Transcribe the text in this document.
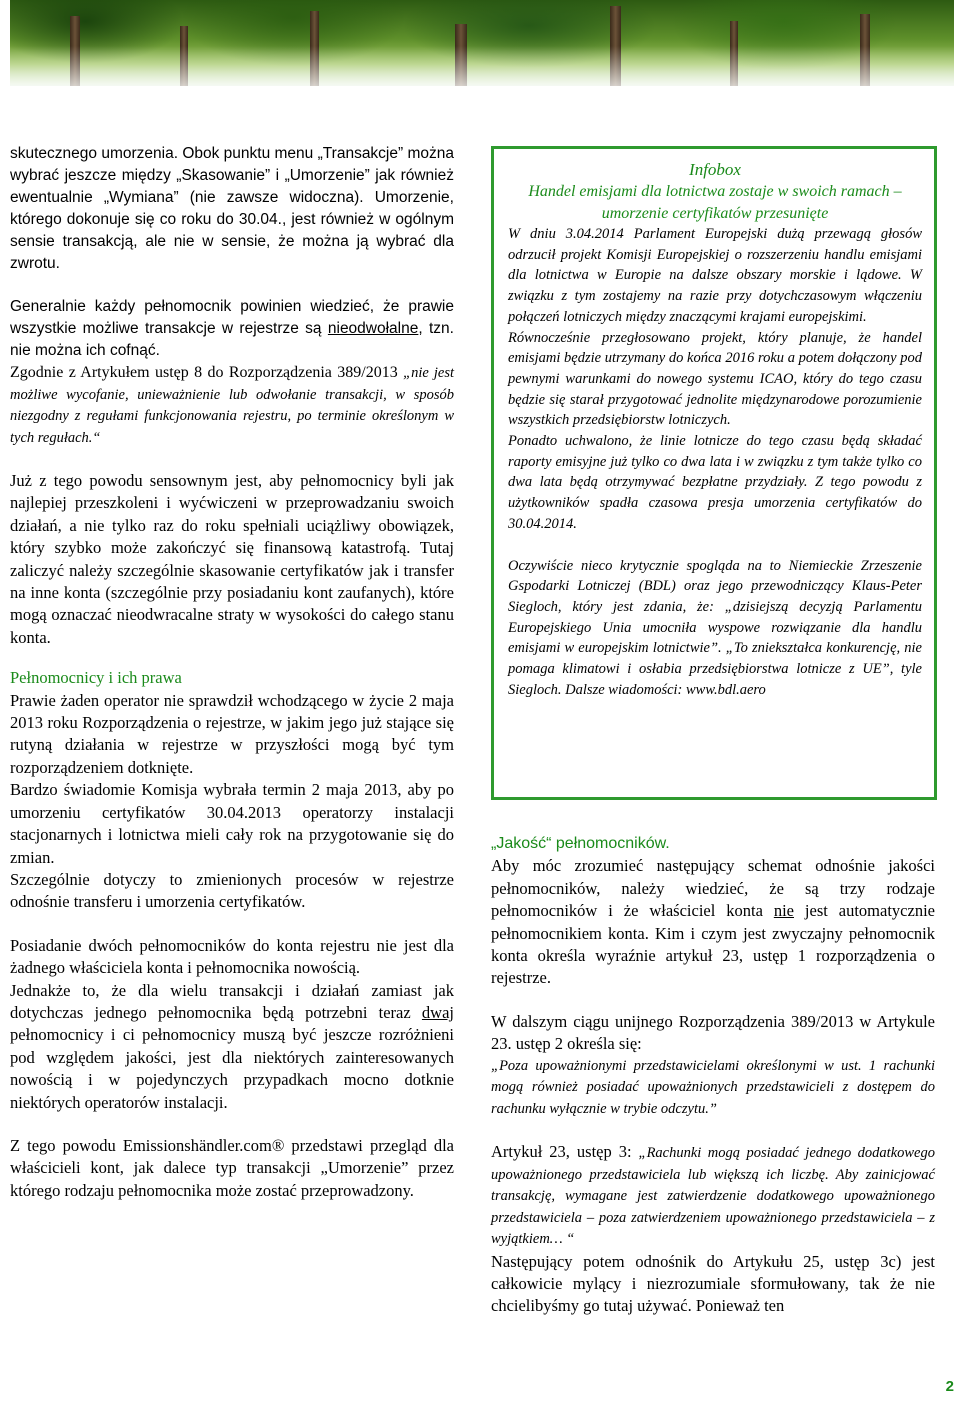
skutecznego umorzenia. Obok punktu menu „Transakcje” można wybrać jeszcze między „Skasowanie” i „Umorzenie” jak również ewentualnie „Wymiana” (nie zawsze widoczna). Umorzenie, którego dokonuje się co roku do 30.04., jest również w ogólnym sensie transakcją, ale nie w sensie, że można ją wybrać dla zwrotu.

Generalnie każdy pełnomocnik powinien wiedzieć, że prawie wszystkie możliwe transakcje w rejestrze są nieodwołalne, tzn. nie można ich cofnąć.

Zgodnie z Artykułem ustęp 8 do Rozporządzenia 389/2013 „nie jest możliwe wycofanie, unieważnienie lub odwołanie transakcji, w sposób niezgodny z regułami funkcjonowania rejestru, po terminie określonym w tych regułach.“

Już z tego powodu sensownym jest, aby pełnomocnicy byli jak najlepiej przeszkoleni i wyćwiczeni w przeprowadzaniu swoich działań, a nie tylko raz do roku spełniali uciążliwy obowiązek, który szybko może zakończyć się finansową katastrofą. Tutaj zaliczyć należy szczególnie skasowanie certyfikatów jak i transfer na inne konta (szczególnie przy posiadaniu kont zaufanych), które mogą oznaczać nieodwracalne straty w wysokości do całego stanu konta.

Pełnomocnicy i ich prawa

Prawie żaden operator nie sprawdził wchodzącego w życie 2 maja 2013 roku Rozporządzenia o rejestrze, w jakim jego już stające się rutyną działania w rejestrze w przyszłości mogą być tym rozporządzeniem dotknięte.

Bardzo świadomie Komisja wybrała termin 2 maja 2013, aby po umorzeniu certyfikatów 30.04.2013 operatorzy instalacji stacjonarnych i lotnictwa mieli cały rok na przygotowanie się do zmian.

Szczególnie dotyczy to zmienionych procesów w rejestrze odnośnie transferu i umorzenia certyfikatów.

Posiadanie dwóch pełnomocników do konta rejestru nie jest dla żadnego właściciela konta i pełnomocnika nowością.

Jednakże to, że dla wielu transakcji i działań zamiast jak dotychczas jednego pełnomocnika będą potrzebni teraz dwaj pełnomocnicy i ci pełnomocnicy muszą być jeszcze rozróżnieni pod względem jakości, jest dla niektórych zainteresowanych nowością i w pojedynczych przypadkach mocno dotknie niektórych operatorów instalacji.

Z tego powodu Emissionshändler.com® przedstawi przegląd dla właścicieli kont, jak dalece typ transakcji „Umorzenie” przez którego rodzaju pełnomocnika może zostać przeprowadzony.

Infobox

Handel emisjami dla lotnictwa zostaje w swoich ramach – umorzenie certyfikatów przesunięte

W dniu 3.04.2014 Parlament Europejski dużą przewagą głosów odrzucił projekt Komisji Europejskiej o rozszerzeniu handlu emisjami dla lotnictwa w Europie na dalsze obszary morskie i lądowe. W związku z tym zostajemy na razie przy dotychczasowym włączeniu połączeń lotniczych między znaczącymi krajami europejskimi.

Równocześnie przegłosowano projekt, który planuje, że handel emisjami będzie utrzymany do końca 2016 roku a potem dołączony pod pewnymi warunkami do nowego systemu ICAO, który do tego czasu będzie się starał przygotować jednolite międzynarodowe porozumienie wszystkich przedsiębiorstw lotniczych.

Ponadto uchwalono, że linie lotnicze do tego czasu będą składać raporty emisyjne już tylko co dwa lata i w związku z tym także tylko co dwa lata będą otrzymywać bezpłatne przydziały. Z tego powodu z użytkowników spadła czasowa presja umorzenia certyfikatów do 30.04.2014.

Oczywiście nieco krytycznie spogląda na to Niemieckie Zrzeszenie Gspodarki Lotniczej (BDL) oraz jego przewodniczący Klaus-Peter Siegloch, który jest zdania, że: „dzisiejszą decyzją Parlamentu Europejskiego Unia umocniła wyspowe rozwiązanie dla handlu emisjami w europejskim lotnictwie”. „To zniekształca konkurencję, nie pomaga klimatowi i osłabia przedsiębiorstwa lotnicze z UE”, tyle Siegloch. Dalsze wiadomości: www.bdl.aero

„Jakość“ pełnomocników.

Aby móc zrozumieć następujący schemat odnośnie jakości pełnomocników, należy wiedzieć, że są trzy rodzaje pełnomocników i że właściciel konta nie jest automatycznie pełnomocnikiem konta. Kim i czym jest zwyczajny pełnomocnik konta określa wyraźnie artykuł 23, ustęp 1 rozporządzenia o rejestrze.

W dalszym ciągu unijnego Rozporządzenia 389/2013 w Artykule 23. ustęp 2 określa się:

„Poza upoważnionymi przedstawicielami określonymi w ust. 1 rachunki mogą również posiadać upoważnionych przedstawicieli z dostępem do rachunku wyłącznie w trybie odczytu.”

Artykuł 23, ustęp 3: „Rachunki mogą posiadać jednego dodatkowego upoważnionego przedstawiciela lub większą ich liczbę. Aby zainicjować transakcję, wymagane jest zatwierdzenie dodatkowego upoważnionego przedstawiciela – poza zatwierdzeniem upoważnionego przedstawiciela – z wyjątkiem… “

Następujący potem odnośnik do Artykułu 25, ustęp 3c) jest całkowicie mylący i niezrozumiale sformułowany, tak że nie chcielibyśmy go tutaj używać. Ponieważ ten

2
